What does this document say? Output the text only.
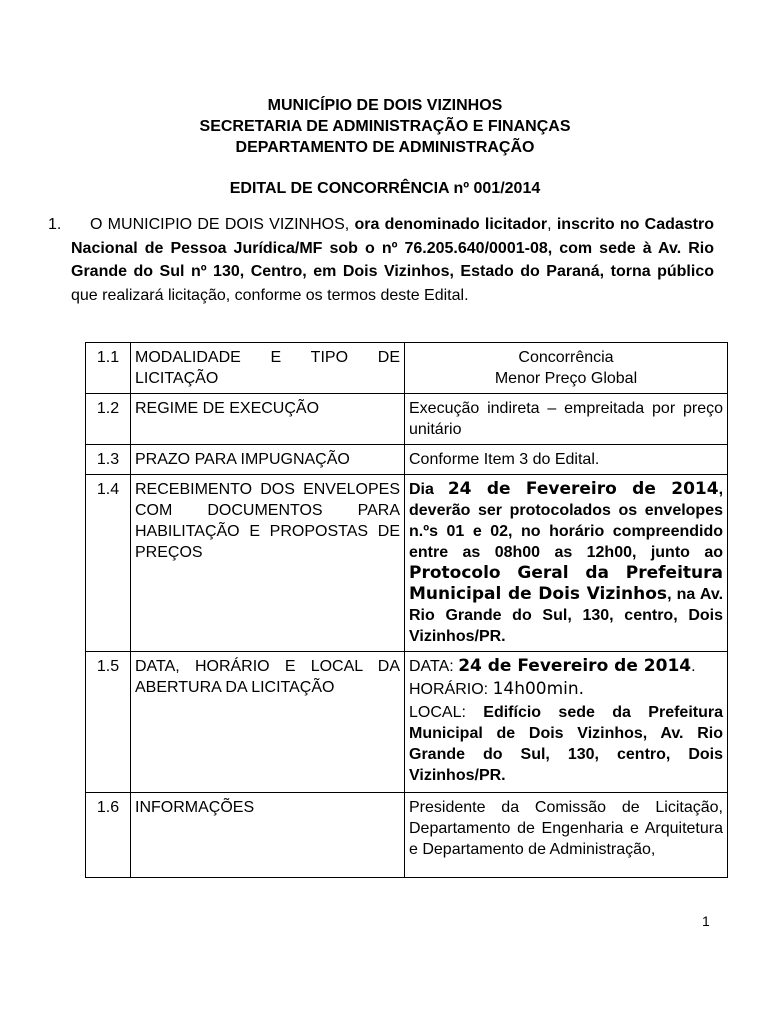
MUNICÍPIO DE DOIS VIZINHOS
SECRETARIA DE ADMINISTRAÇÃO E FINANÇAS
DEPARTAMENTO DE ADMINISTRAÇÃO
EDITAL DE CONCORRÊNCIA nº 001/2014
1.	O MUNICIPIO DE DOIS VIZINHOS, ora denominado licitador, inscrito no Cadastro Nacional de Pessoa Jurídica/MF sob o nº 76.205.640/0001-08, com sede à Av. Rio Grande do Sul nº 130, Centro, em Dois Vizinhos, Estado do Paraná, torna público que realizará licitação, conforme os termos deste Edital.
1.1	MODALIDADE E TIPO DE LICITAÇÃO	Concorrência
Menor Preço Global

1.2	REGIME DE EXECUÇÃO	Execução indireta – empreitada por preço unitário
1.3	PRAZO PARA IMPUGNAÇÃO	Conforme Item 3 do Edital.
1.4	RECEBIMENTO DOS ENVELOPES COM DOCUMENTOS PARA HABILITAÇÃO E PROPOSTAS DE PREÇOS	Dia 24 de Fevereiro de 2014, deverão ser protocolados os envelopes n.ºs 01 e 02, no horário compreendido entre as 08h00 as 12h00, junto ao Protocolo Geral da Prefeitura Municipal de Dois Vizinhos, na Av. Rio Grande do Sul, 130, centro, Dois Vizinhos/PR.
1.5	DATA, HORÁRIO E LOCAL DA ABERTURA DA LICITAÇÃO	DATA: 24 de Fevereiro de 2014.

HORÁRIO: 14h00min.

LOCAL: Edifício sede da Prefeitura Municipal de Dois Vizinhos, Av. Rio Grande do Sul, 130, centro, Dois Vizinhos/PR.

1.6	INFORMAÇÕES	Presidente da Comissão de Licitação, Departamento de Engenharia e Arquitetura e Departamento de Administração,
1
